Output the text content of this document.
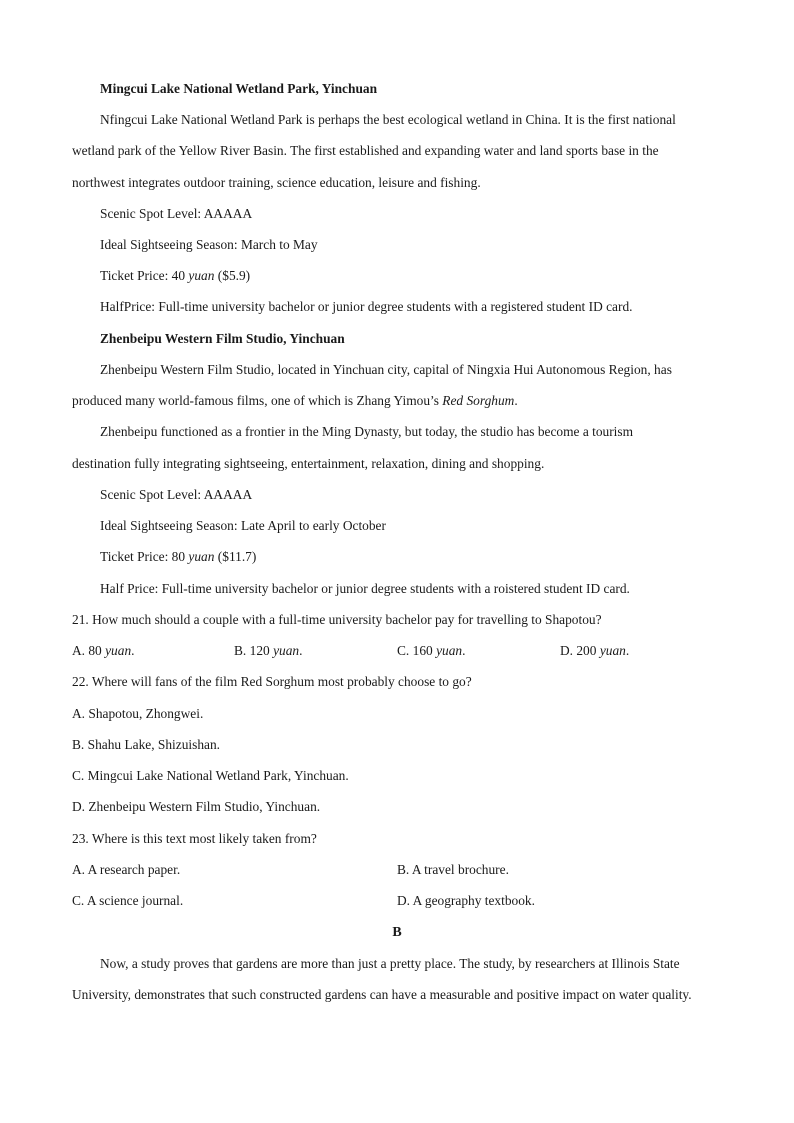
Mingcui Lake National Wetland Park, Yinchuan
Nfingcui Lake National Wetland Park is perhaps the best ecological wetland in China. It is the first national
wetland park of the Yellow River Basin. The first established and expanding water and land sports base in the
northwest integrates outdoor training, science education, leisure and fishing.
Scenic Spot Level: AAAAA
Ideal Sightseeing Season: March to May
Ticket Price: 40 yuan ($5.9)
HalfPrice: Full-time university bachelor or junior degree students with a registered student ID card.
Zhenbeipu Western Film Studio, Yinchuan
Zhenbeipu Western Film Studio, located in Yinchuan city, capital of Ningxia Hui Autonomous Region, has
produced many world-famous films, one of which is Zhang Yimou’s Red Sorghum.
Zhenbeipu functioned as a frontier in the Ming Dynasty, but today, the studio has become a tourism
destination fully integrating sightseeing, entertainment, relaxation, dining and shopping.
Scenic Spot Level: AAAAA
Ideal Sightseeing Season: Late April to early October
Ticket Price: 80 yuan ($11.7)
Half Price: Full-time university bachelor or junior degree students with a roistered student ID card.
21. How much should a couple with a full-time university bachelor pay for travelling to Shapotou?
A. 80 yuan.	B. 120 yuan.	C. 160 yuan.	D. 200 yuan.
22. Where will fans of the film Red Sorghum most probably choose to go?
A. Shapotou, Zhongwei.
B. Shahu Lake, Shizuishan.
C. Mingcui Lake National Wetland Park, Yinchuan.
D. Zhenbeipu Western Film Studio, Yinchuan.
23. Where is this text most likely taken from?
A. A research paper.	B. A travel brochure.
C. A science journal.	D. A geography textbook.
B
Now, a study proves that gardens are more than just a pretty place. The study, by researchers at Illinois State
University, demonstrates that such constructed gardens can have a measurable and positive impact on water quality.
